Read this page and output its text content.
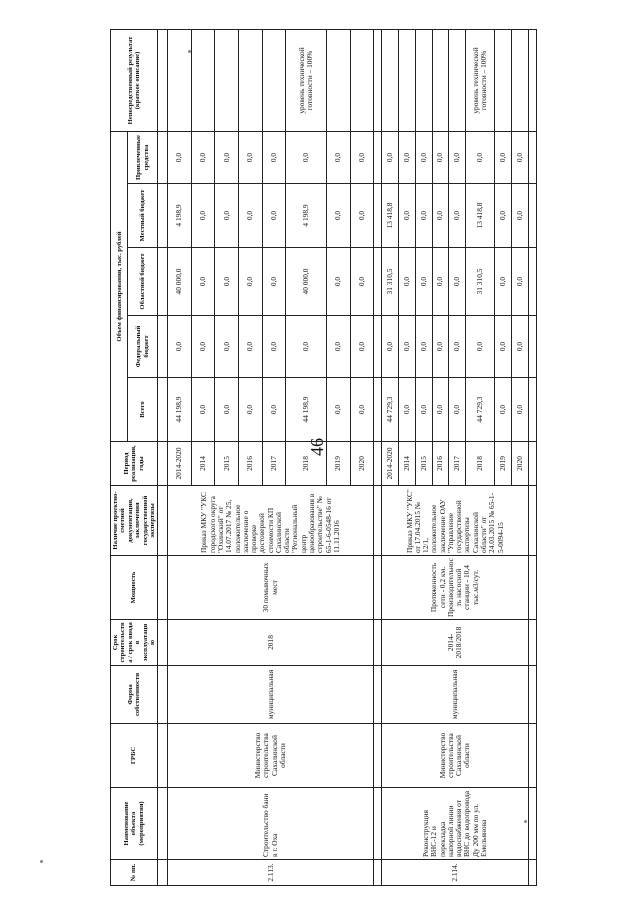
46
№ пп.	Наименование объекта (мероприятия)	ГРБС	Форма собственности	Срок строительства / срок ввода в эксплуатацию	Мощность	Наличие проектно-сметной документации, заключения государственной экспертизы	Период реализации, годы	Объем финансирования, тыс. рублей					Непосредственный результат (краткое описание)
								Всего	Федеральный бюджет	Областной бюджет	Местный бюджет	Привлеченные средства	

2.113.	Строительство бани в г. Оха	Министерство строительства Сахалинской области	муниципальная	2018	30 помывочных мест	Приказ МКУ "УКС городского округа "Охинский" от 14.07.2017 № 25, положительное заключение о проверке достоверной стоимости КП Сахалинской области "Региональный центр ценообразования в строительстве" № 65-1-6-0548-16 от 11.11.2016	2014-2020	44 198,9	0,0	40 000,0	4 198,9	0,0	
							2014	0,0	0,0	0,0	0,0	0,0	
							2015	0,0	0,0	0,0	0,0	0,0	
							2016	0,0	0,0	0,0	0,0	0,0	
							2017	0,0	0,0	0,0	0,0	0,0	
							2018	44 198,9	0,0	40 000,0	4 198,9	0,0	уровень технической готовности – 100%
							2019	0,0	0,0	0,0	0,0	0,0	
							2020	0,0	0,0	0,0	0,0	0,0	

2.114.	Реконструкция ВНС-12 и перекладка напорной линии водоснабжения от ВНС до водопровода Ду 200 мм по ул. Емельянова	Министерство строительства Сахалинской области	муниципальная	2014-2018/2018	Протяженность сети - 0,2 км. Производительность насосной станции - 10,4 тыс.м3/сут.	Приказ МКУ "УКС" от 17.04.2015 № 12/1, положительное заключение ОАУ "Управление государственной экспертизы Сахалинской области" от 24.03.2015 № 65-1-5-0094-15	2014-2020	44 729,3	0,0	31 310,5	13 418,8	0,0	
							2014	0,0	0,0	0,0	0,0	0,0	
							2015	0,0	0,0	0,0	0,0	0,0	
							2016	0,0	0,0	0,0	0,0	0,0	
							2017	0,0	0,0	0,0	0,0	0,0	
							2018	44 729,3	0,0	31 310,5	13 418,8	0,0	уровень технической готовности – 100%
							2019	0,0	0,0	0,0	0,0	0,0	
							2020	0,0	0,0	0,0	0,0	0,0	
